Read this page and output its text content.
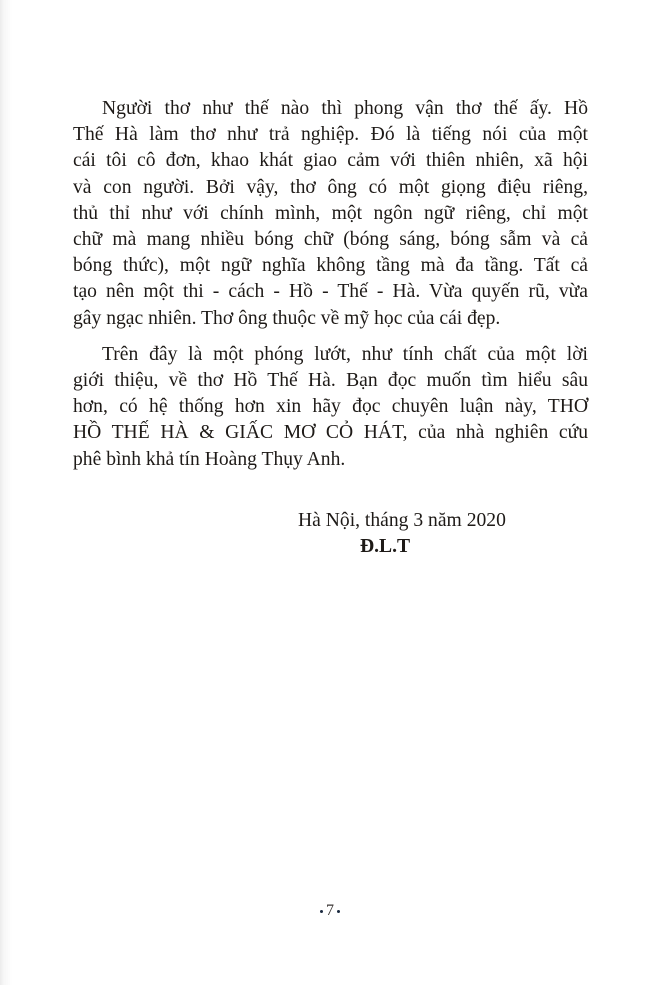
Người thơ như thế nào thì phong vận thơ thế ấy. Hồ
Thế Hà làm thơ như trả nghiệp. Đó là tiếng nói của một
cái tôi cô đơn, khao khát giao cảm với thiên nhiên, xã hội
và con người. Bởi vậy, thơ ông có một giọng điệu riêng,
thủ thỉ như với chính mình, một ngôn ngữ riêng, chỉ một
chữ mà mang nhiều bóng chữ (bóng sáng, bóng sẫm và cả
bóng thức), một ngữ nghĩa không tầng mà đa tầng. Tất cả
tạo nên một thi - cách - Hồ - Thế - Hà. Vừa quyến rũ, vừa
gây ngạc nhiên. Thơ ông thuộc về mỹ học của cái đẹp.

Trên đây là một phóng lướt, như tính chất của một lời
giới thiệu, về thơ Hồ Thế Hà. Bạn đọc muốn tìm hiểu sâu
hơn, có hệ thống hơn xin hãy đọc chuyên luận này, THƠ
HỒ THẾ HÀ & GIẤC MƠ CỎ HÁT, của nhà nghiên cứu
phê bình khả tín Hoàng Thụy Anh.

Hà Nội, tháng 3 năm 2020
Đ.L.T
7
